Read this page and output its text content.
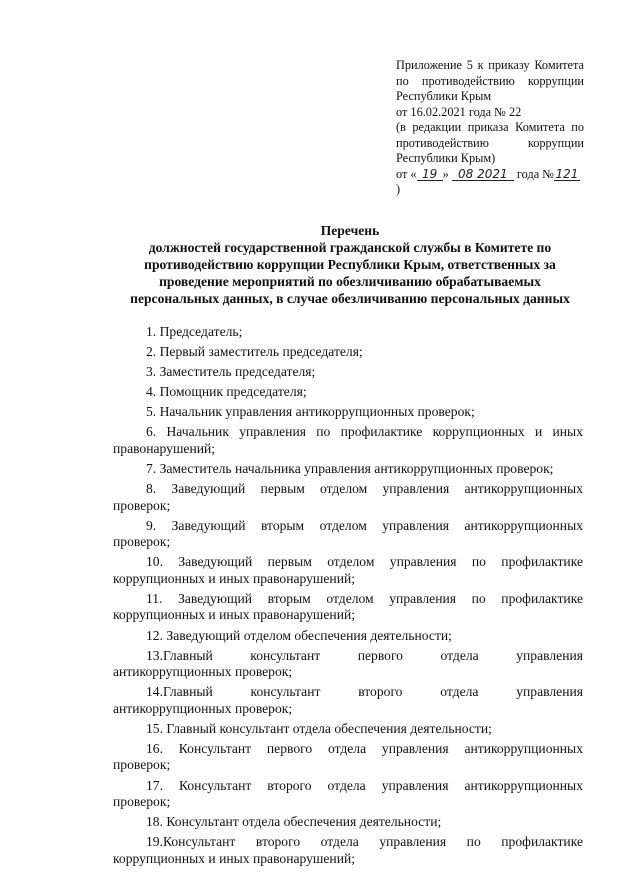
Приложение 5 к приказу Комитета
по противодействию коррупции
Республики Крым
от 16.02.2021 года № 22
(в редакции приказа Комитета по
противодействию коррупции
Республики Крым)
от « 19 » 08 2021 года № 121)
Перечень
должностей государственной гражданской службы в Комитете по
противодействию коррупции Республики Крым, ответственных за
проведение мероприятий по обезличиванию обрабатываемых
персональных данных, в случае обезличиванию персональных данных
1. Председатель;
2. Первый заместитель председателя;
3. Заместитель председателя;
4. Помощник председателя;
5. Начальник управления антикоррупционных проверок;
6. Начальник управления по профилактике коррупционных и иных
правонарушений;
7. Заместитель начальника управления антикоррупционных проверок;
8. Заведующий первым отделом управления антикоррупционных
проверок;
9. Заведующий вторым отделом управления антикоррупционных
проверок;
10. Заведующий первым отделом управления по профилактике
коррупционных и иных правонарушений;
11. Заведующий вторым отделом управления по профилактике
коррупционных и иных правонарушений;
12. Заведующий отделом обеспечения деятельности;
13.Главный консультант первого отдела управления
антикоррупционных проверок;
14.Главный консультант второго отдела управления
антикоррупционных проверок;
15. Главный консультант отдела обеспечения деятельности;
16. Консультант первого отдела управления антикоррупционных
проверок;
17. Консультант второго отдела управления антикоррупционных
проверок;
18. Консультант отдела обеспечения деятельности;
19.Консультант второго отдела управления по профилактике
коррупционных и иных правонарушений;
